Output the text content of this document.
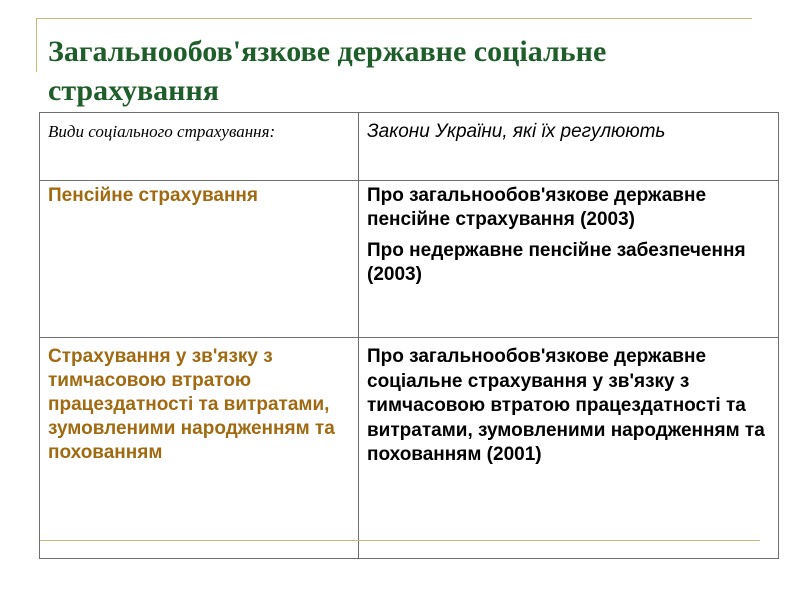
Загальнообов'язкове державне соціальне страхування
Види соціального страхування:	Закони України, які їх регулюють
Пенсійне страхування	Про загальнообов'язкове державне пенсійне страхування (2003)

Про недержавне пенсійне забезпечення (2003)

Страхування у зв'язку з тимчасовою втратою працездатності та витратами, зумовленими народженням та похованням	Про загальнообов'язкове державне соціальне страхування у зв'язку з тимчасовою втратою працездатності та витратами, зумовленими народженням та похованням (2001)
